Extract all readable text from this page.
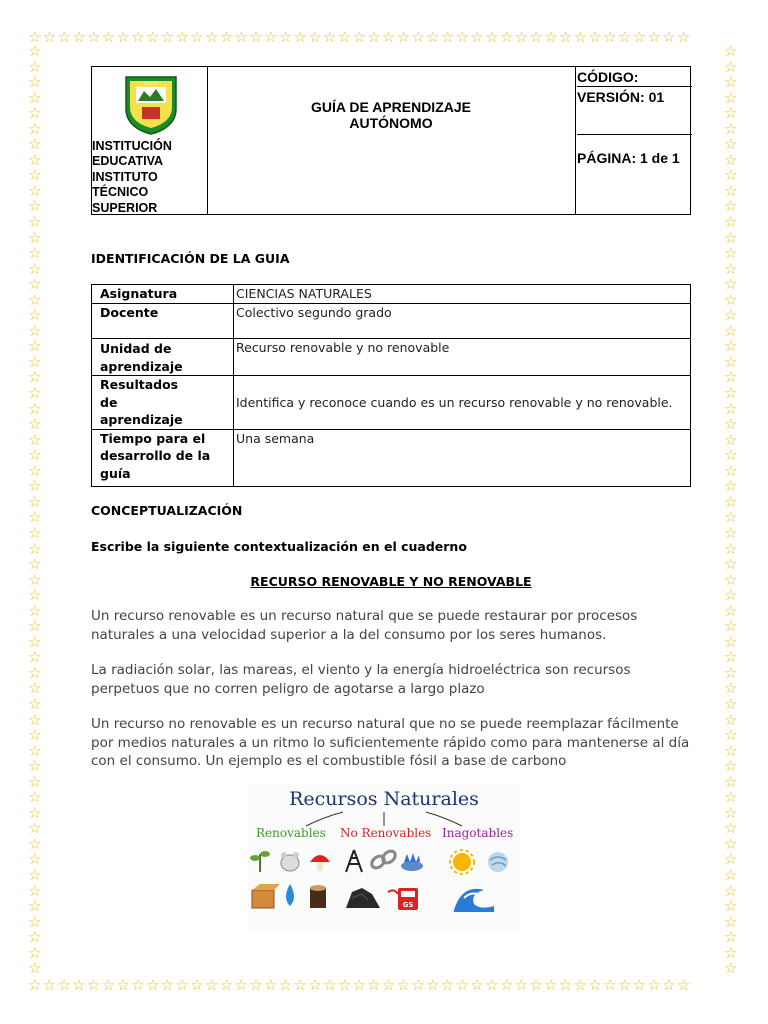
☆☆☆☆☆☆☆☆☆☆☆☆☆☆☆☆☆☆☆☆☆☆☆☆☆☆☆☆☆☆☆☆☆☆☆☆☆☆☆☆☆☆☆☆☆
☆☆☆☆☆☆☆☆☆☆☆☆☆☆☆☆☆☆☆☆☆☆☆☆☆☆☆☆☆☆☆☆☆☆☆☆☆☆☆☆☆☆☆☆☆
☆☆☆☆☆☆☆☆☆☆☆☆☆☆☆☆☆☆☆☆☆☆☆☆☆☆☆☆☆☆☆☆☆☆☆☆☆☆☆☆☆☆☆☆☆☆☆☆☆☆☆☆☆☆☆☆☆☆☆☆
☆☆☆☆☆☆☆☆☆☆☆☆☆☆☆☆☆☆☆☆☆☆☆☆☆☆☆☆☆☆☆☆☆☆☆☆☆☆☆☆☆☆☆☆☆☆☆☆☆☆☆☆☆☆☆☆☆☆☆☆
I.E.I.T.S
INSTITUCIÓN
EDUCATIVA
INSTITUTO
TÉCNICO
SUPERIOR
GUÍA DE APRENDIZAJE
AUTÓNOMO
CÓDIGO:
VERSIÓN: 01
PÁGINA: 1 de 1
IDENTIFICACIÓN DE LA GUIA
Asignatura	CIENCIAS NATURALES
Docente	Colectivo segundo grado
Unidad de aprendizaje	Recurso renovable y no renovable
Resultados de aprendizaje	Identifica y reconoce cuando es un recurso renovable y no renovable.
Tiempo para el desarrollo de la guía	Una semana
CONCEPTUALIZACIÓN
Escribe la siguiente contextualización en el cuaderno
RECURSO RENOVABLE Y NO RENOVABLE
Un recurso renovable es un recurso natural que se puede restaurar por procesos naturales a una velocidad superior a la del consumo por los seres humanos.
La radiación solar, las mareas, el viento y la energía hidroeléctrica son recursos perpetuos que no corren peligro de agotarse a largo plazo
Un recurso no renovable es un recurso natural que no se puede reemplazar fácilmente por medios naturales a un ritmo lo suficientemente rápido como para mantenerse al día con el consumo. Un ejemplo es el combustible fósil a base de carbono
Recursos Naturales
Renovables No Renovables Inagotables
GS
